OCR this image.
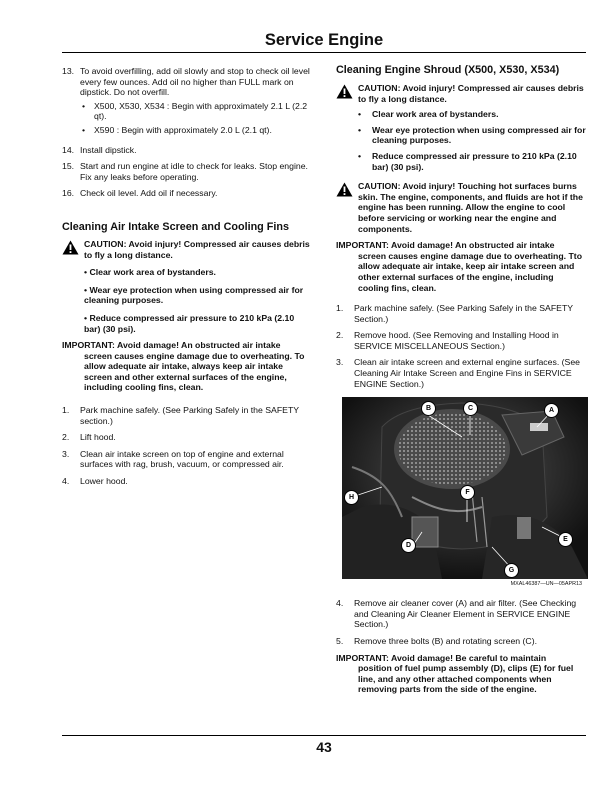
Service Engine
13. To avoid overfilling, add oil slowly and stop to check oil level every few ounces. Add oil no higher than FULL mark on dipstick. Do not overfill.
•	X500, X530, X534 : Begin with approximately 2.1 L (2.2 qt).
•	X590 : Begin with approximately 2.0 L (2.1 qt).
14. Install dipstick.
15. Start and run engine at idle to check for leaks. Stop engine. Fix any leaks before operating.
16. Check oil level. Add oil if necessary.
Cleaning Air Intake Screen and Cooling Fins
CAUTION: Avoid injury! Compressed air causes debris to fly a long distance.
• Clear work area of bystanders.
• Wear eye protection when using compressed air for cleaning purposes.
• Reduce compressed air pressure to 210 kPa (2.10 bar) (30 psi).
IMPORTANT: Avoid damage! An obstructed air intake
screen causes engine damage due to overheating. To allow adequate air intake, always keep air intake screen and other external surfaces of the engine, including cooling fins, clean.
1.	Park machine safely. (See Parking Safely in the SAFETY section.)
2.	Lift hood.
3.	Clean air intake screen on top of engine and external surfaces with rag, brush, vacuum, or compressed air.
4.	Lower hood.
Cleaning Engine Shroud (X500, X530, X534)
CAUTION: Avoid injury! Compressed air causes debris to fly a long distance.
•	Clear work area of bystanders.
•	Wear eye protection when using compressed air for cleaning purposes.
•	Reduce compressed air pressure to 210 kPa (2.10 bar) (30 psi).
CAUTION: Avoid injury! Touching hot surfaces burns skin. The engine, components, and fluids are hot if the engine has been running. Allow the engine to cool before servicing or working near the engine and components.
IMPORTANT: Avoid damage! An obstructed air intake
screen causes engine damage due to overheating. Tto allow adequate air intake, keep air intake screen and other external surfaces of the engine, including cooling fins, clean.
1.	Park machine safely. (See Parking Safely in the SAFETY Section.)
2.	Remove hood. (See Removing and Installing Hood in SERVICE MISCELLANEOUS Section.)
3.	Clean air intake screen and external engine surfaces. (See Cleaning Air Intake Screen and Engine Fins in SERVICE ENGINE Section.)
B	C	A
F
H
D
E
G
MXAL46387—UN—05APR13
4.	Remove air cleaner cover (A) and air filter. (See Checking and Cleaning Air Cleaner Element in SERVICE ENGINE Section.)
5.	Remove three bolts (B) and rotating screen (C).
IMPORTANT: Avoid damage! Be careful to maintain
position of fuel pump assembly (D), clips (E) for fuel line, and any other attached components when removing parts from the side of the engine.
43
